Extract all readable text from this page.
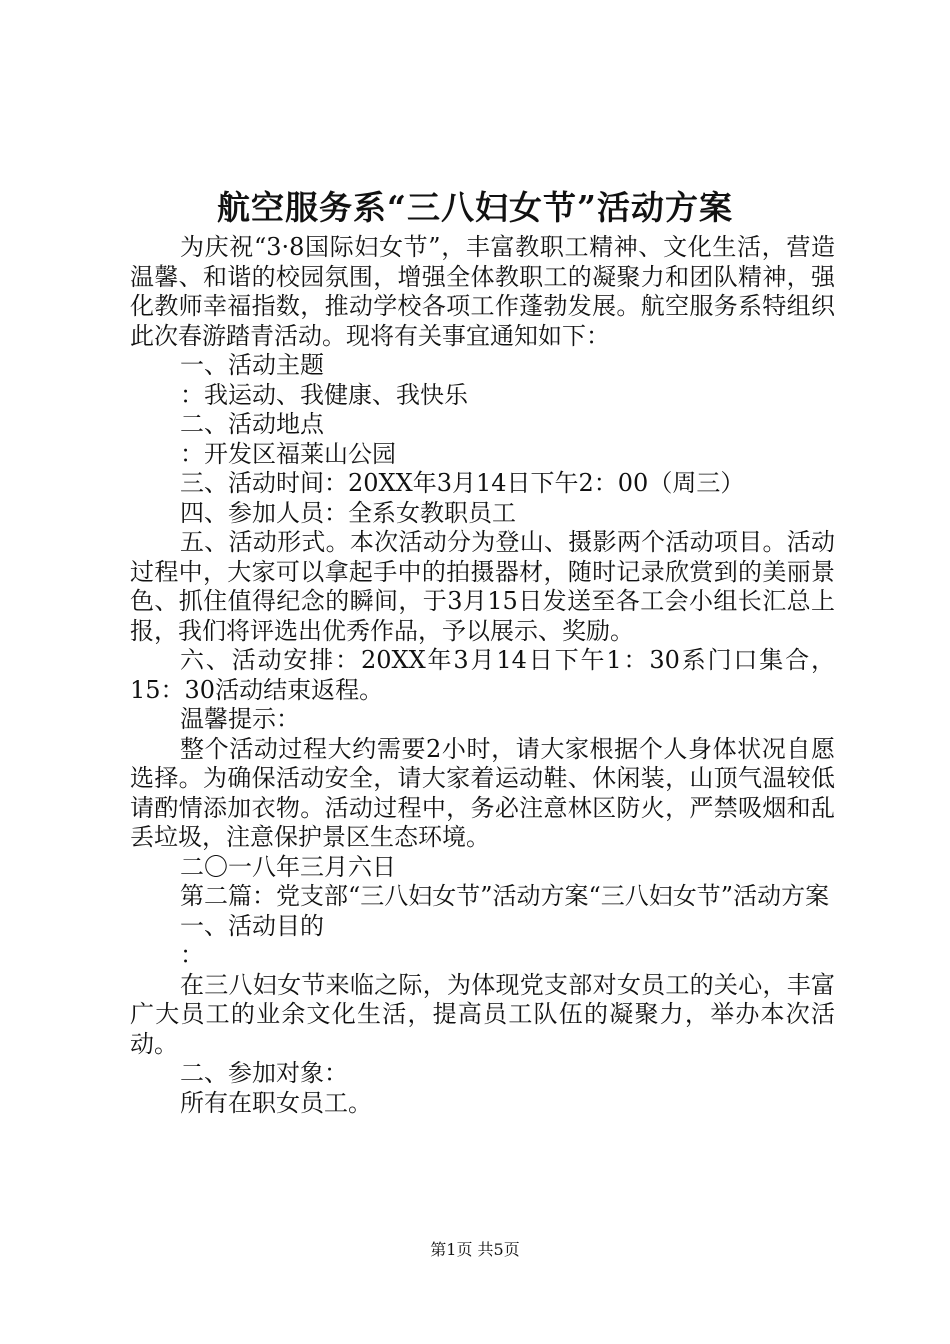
航空服务系“三八妇女节”活动方案

为庆祝“3·8国际妇女节”，丰富教职工精神、文化生活，营造温馨、和谐的校园氛围，增强全体教职工的凝聚力和团队精神，强化教师幸福指数，推动学校各项工作蓬勃发展。航空服务系特组织此次春游踏青活动。现将有关事宜通知如下：

一、活动主题

：我运动、我健康、我快乐

二、活动地点

：开发区福莱山公园

三、活动时间：20XX年3月14日下午2：00（周三）

四、参加人员：全系女教职员工

五、活动形式。本次活动分为登山、摄影两个活动项目。活动过程中，大家可以拿起手中的拍摄器材，随时记录欣赏到的美丽景色、抓住值得纪念的瞬间，于3月15日发送至各工会小组长汇总上报，我们将评选出优秀作品，予以展示、奖励。

六、活动安排：20XX年3月14日下午1：30系门口集合，15：30活动结束返程。

温馨提示：

整个活动过程大约需要2小时，请大家根据个人身体状况自愿选择。为确保活动安全，请大家着运动鞋、休闲装，山顶气温较低请酌情添加衣物。活动过程中，务必注意林区防火，严禁吸烟和乱丢垃圾，注意保护景区生态环境。

二〇一八年三月六日

第二篇：党支部“三八妇女节”活动方案“三八妇女节”活动方案

一、活动目的

：

在三八妇女节来临之际，为体现党支部对女员工的关心，丰富广大员工的业余文化生活，提高员工队伍的凝聚力，举办本次活动。

二、参加对象：

所有在职女员工。

第1页 共5页
